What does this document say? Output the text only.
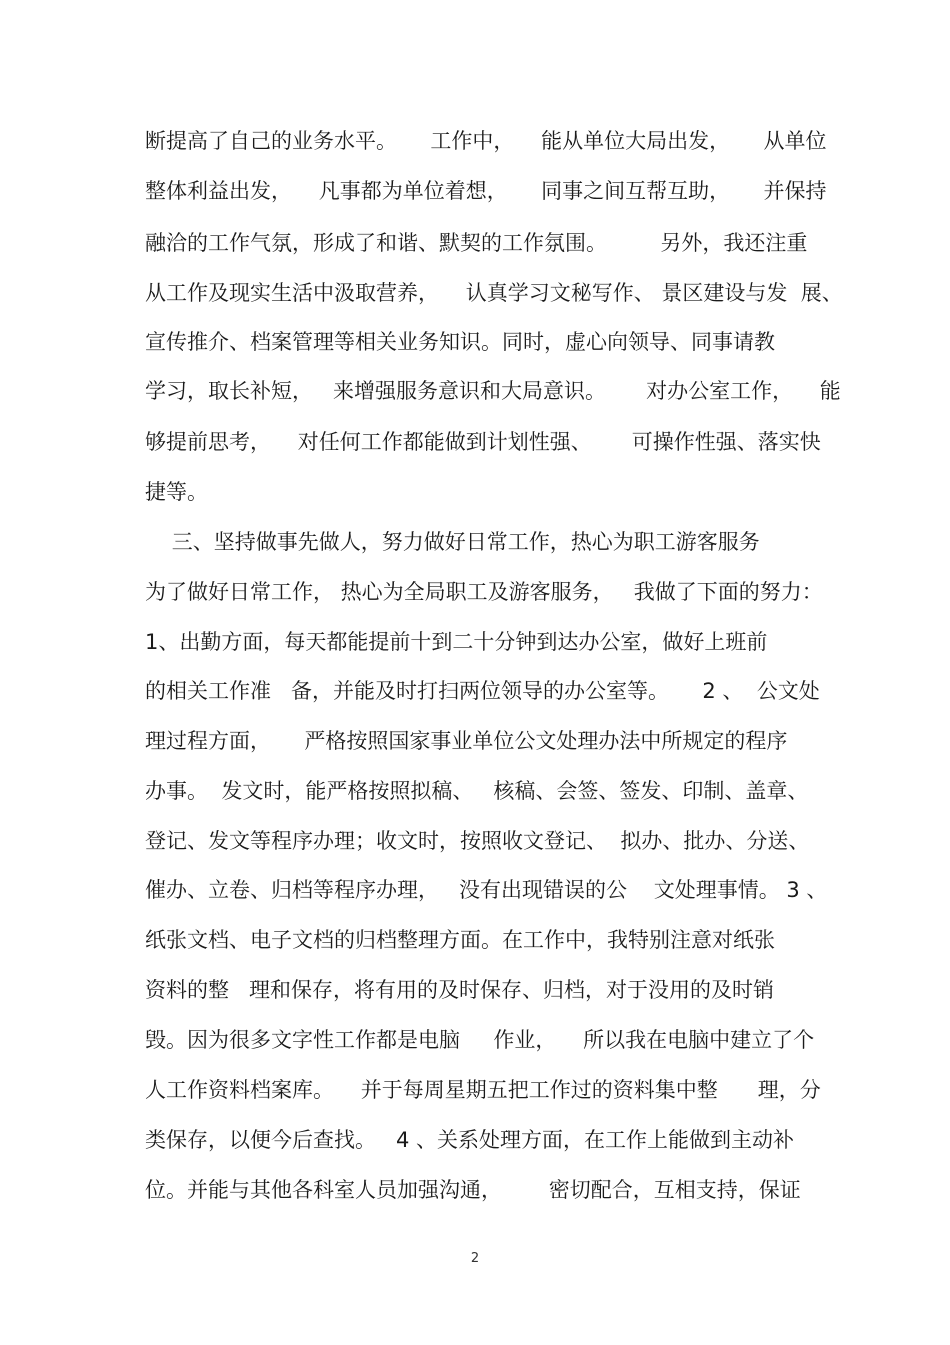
断提高了自己的业务水平。     工作中，    能从单位大局出发，     从单位
整体利益出发，    凡事都为单位着想，     同事之间互帮互助，     并保持
融洽的工作气氛，形成了和谐、默契的工作氛围。        另外，我还注重
从工作及现实生活中汲取营养，    认真学习文秘写作、 景区建设与发  展、
宣传推介、档案管理等相关业务知识。同时，虚心向领导、同事请教
学习，取长补短，   来增强服务意识和大局意识。      对办公室工作，    能
够提前思考，    对任何工作都能做到计划性强、      可操作性强、落实快
捷等。
三、坚持做事先做人，努力做好日常工作，热心为职工游客服务
为了做好日常工作， 热心为全局职工及游客服务，   我做了下面的努力：
1、出勤方面，每天都能提前十到二十分钟到达办公室，做好上班前
的相关工作准   备，并能及时打扫两位领导的办公室等。     2 、  公文处
理过程方面，     严格按照国家事业单位公文处理办法中所规定的程序
办事。  发文时，能严格按照拟稿、   核稿、会签、签发、印制、盖章、
登记、发文等程序办理；收文时，按照收文登记、  拟办、批办、分送、
催办、立卷、归档等程序办理，   没有出现错误的公    文处理事情。 3 、
纸张文档、电子文档的归档整理方面。在工作中，我特别注意对纸张
资料的整   理和保存，将有用的及时保存、归档，对于没用的及时销
毁。因为很多文字性工作都是电脑     作业，    所以我在电脑中建立了个
人工作资料档案库。    并于每周星期五把工作过的资料集中整      理，分
类保存，以便今后查找。   4 、关系处理方面，在工作上能做到主动补
位。并能与其他各科室人员加强沟通，       密切配合，互相支持，保证
2
